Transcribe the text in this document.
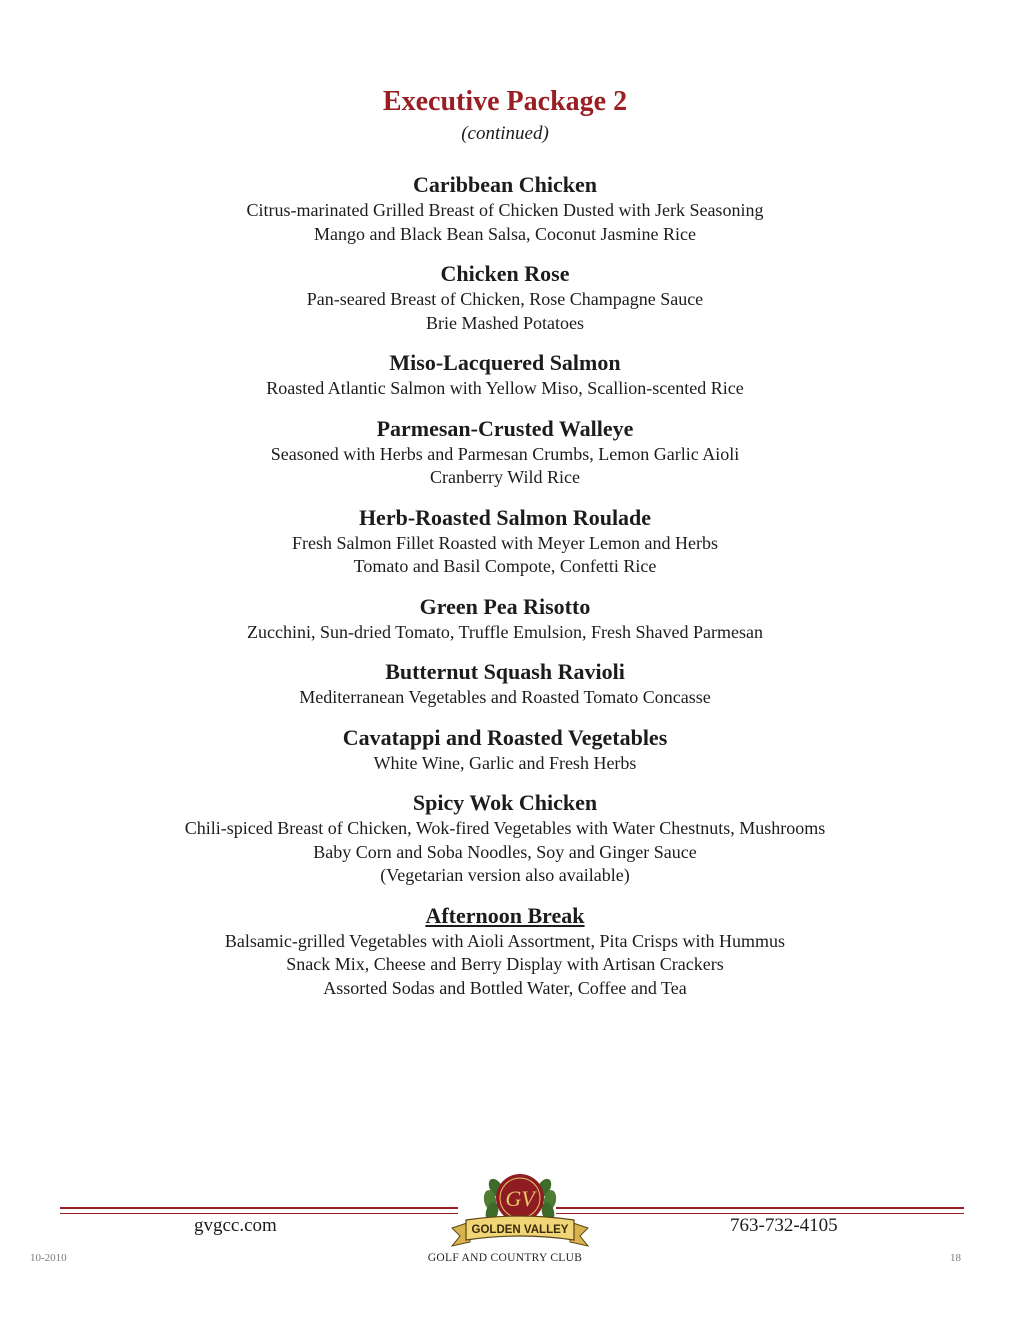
Executive Package 2
(continued)
Caribbean Chicken
Citrus-marinated Grilled Breast of Chicken Dusted with Jerk Seasoning
Mango and Black Bean Salsa, Coconut Jasmine Rice
Chicken Rose
Pan-seared Breast of Chicken, Rose Champagne Sauce
Brie Mashed Potatoes
Miso-Lacquered Salmon
Roasted Atlantic Salmon with Yellow Miso, Scallion-scented Rice
Parmesan-Crusted Walleye
Seasoned with Herbs and Parmesan Crumbs, Lemon Garlic Aioli
Cranberry Wild Rice
Herb-Roasted Salmon Roulade
Fresh Salmon Fillet Roasted with Meyer Lemon and Herbs
Tomato and Basil Compote, Confetti Rice
Green Pea Risotto
Zucchini, Sun-dried Tomato, Truffle Emulsion, Fresh Shaved Parmesan
Butternut Squash Ravioli
Mediterranean Vegetables and Roasted Tomato Concasse
Cavatappi and Roasted Vegetables
White Wine, Garlic and Fresh Herbs
Spicy Wok Chicken
Chili-spiced Breast of Chicken, Wok-fired Vegetables with Water Chestnuts, Mushrooms
Baby Corn and Soba Noodles, Soy and Ginger Sauce
(Vegetarian version also available)
Afternoon Break
Balsamic-grilled Vegetables with Aioli Assortment, Pita Crisps with Hummus
Snack Mix, Cheese and Berry Display with Artisan Crackers
Assorted Sodas and Bottled Water, Coffee and Tea
gvgcc.com	763-732-4105
10-2010	18
GV
GOLDEN VALLEY
GOLF AND COUNTRY CLUB
